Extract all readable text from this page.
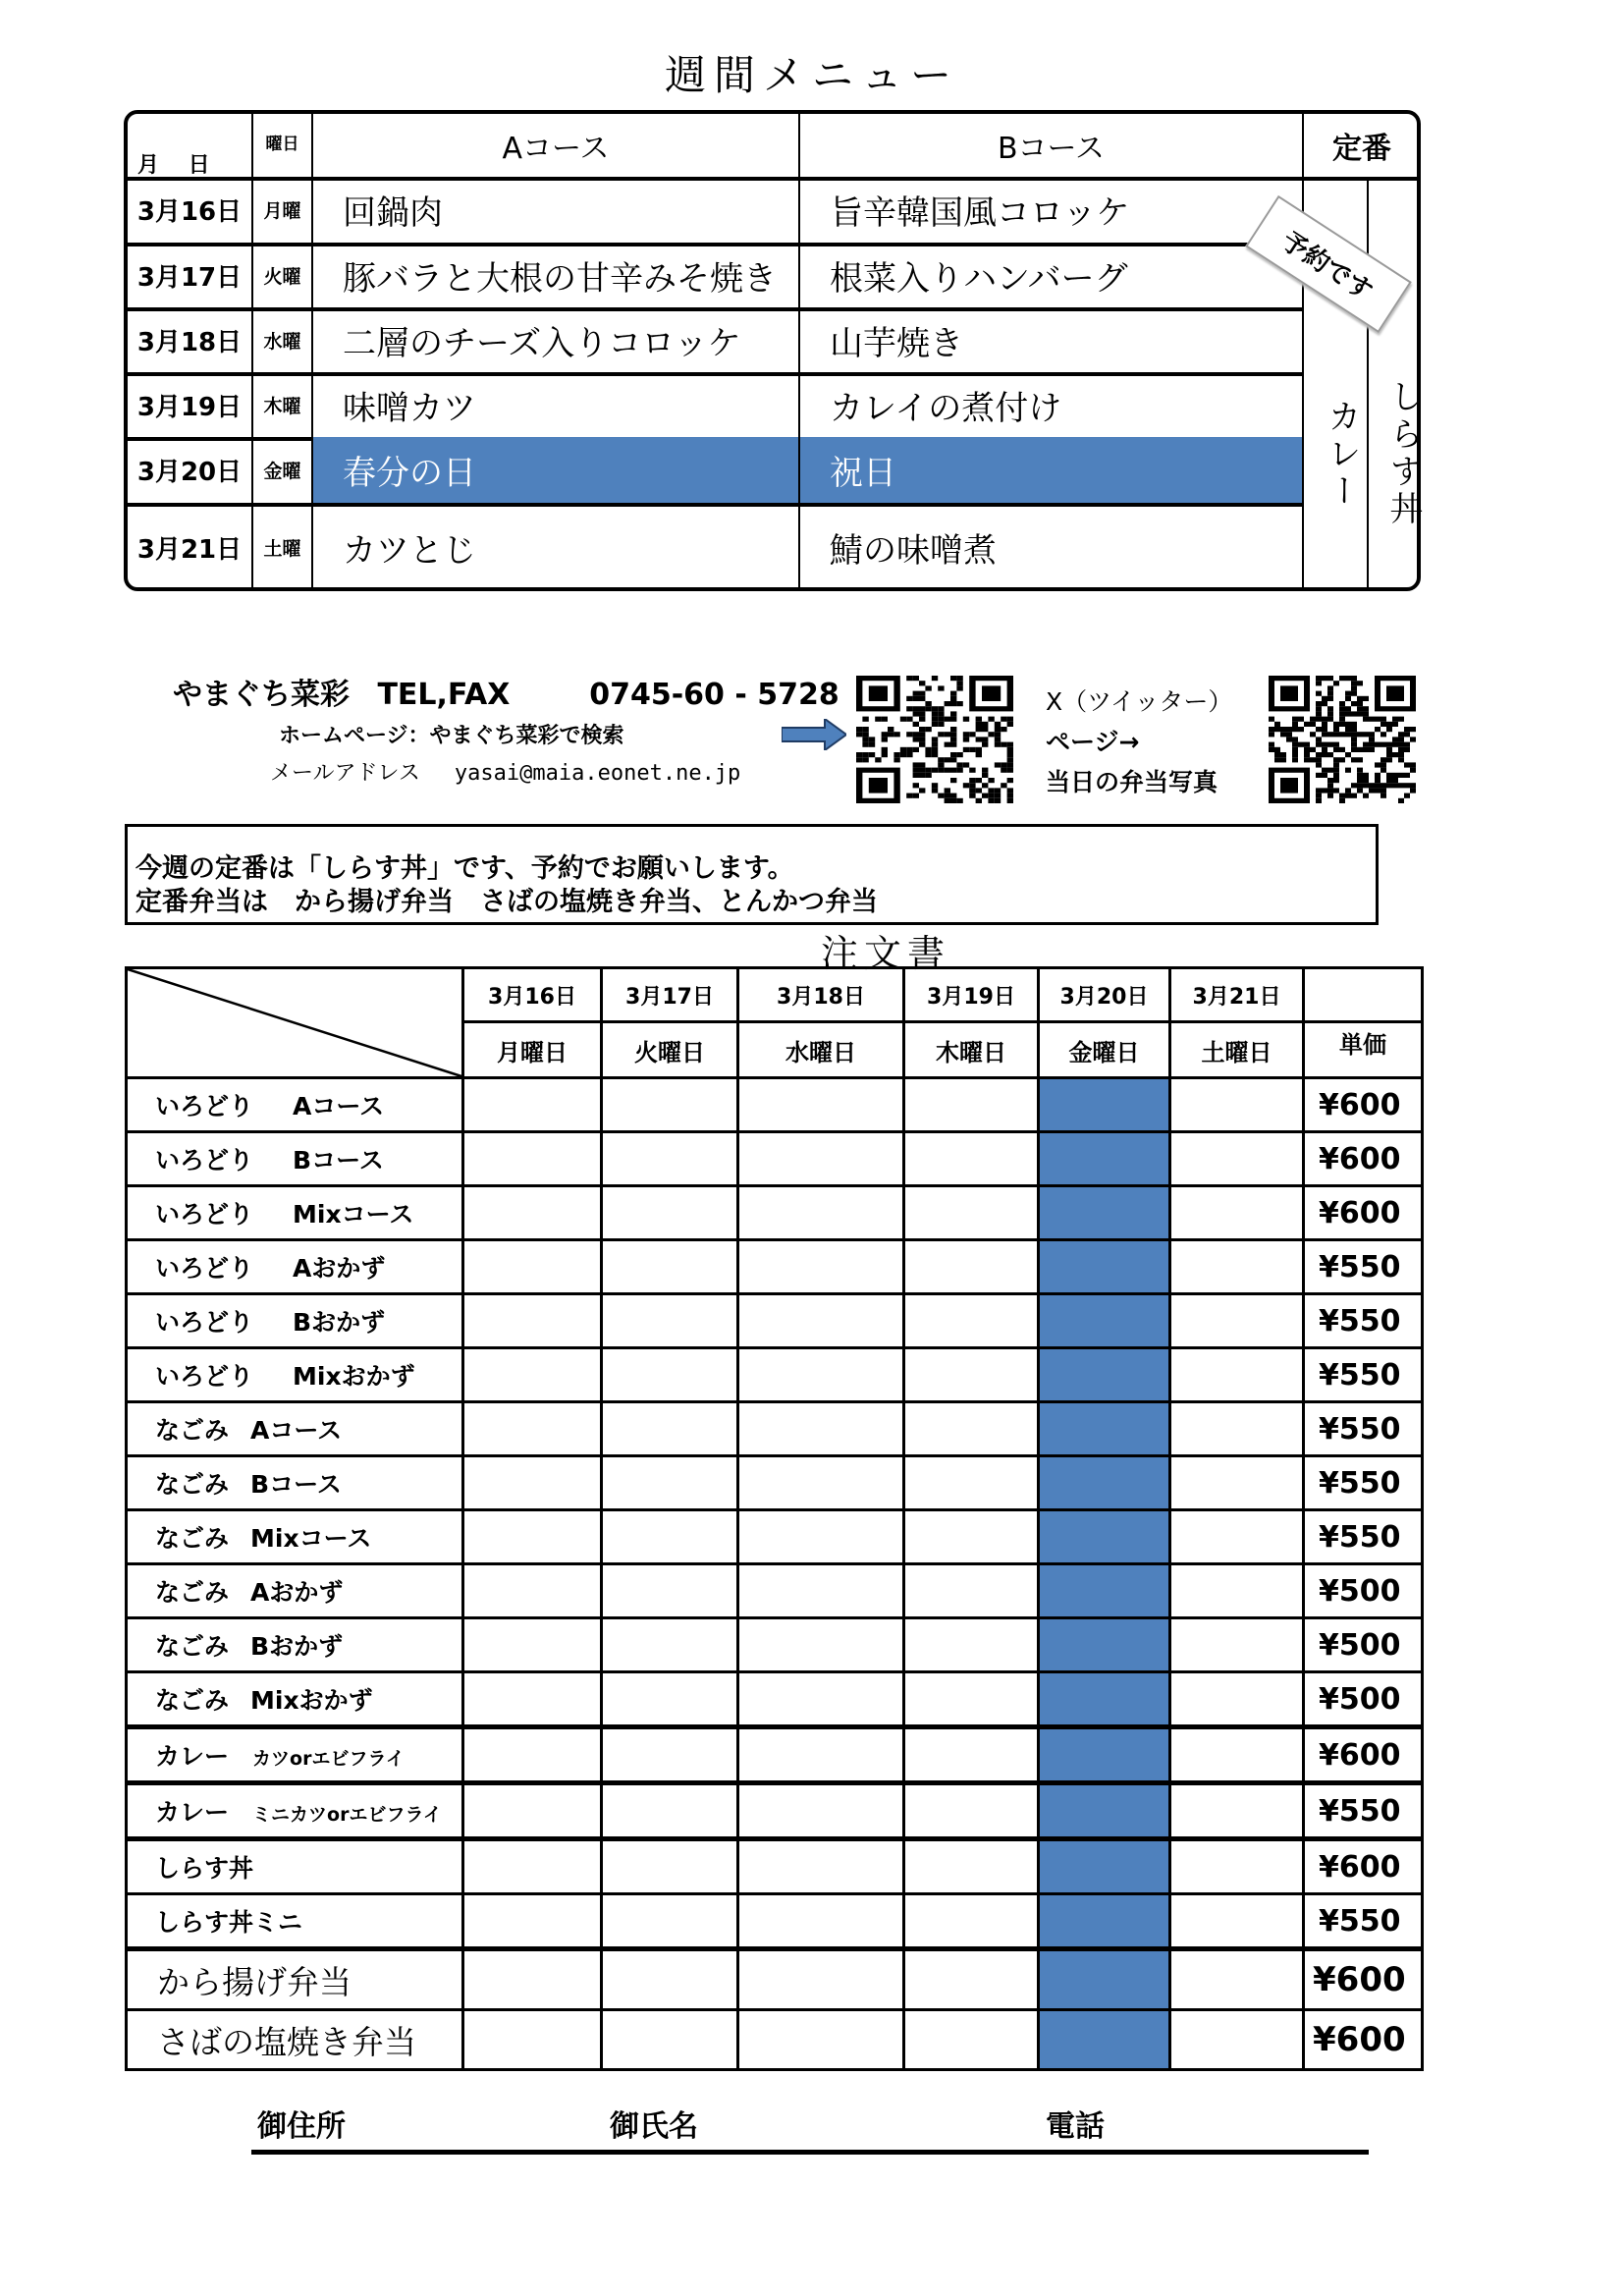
週間メニュー
月　 日
曜日	Aコース	Bコース	定番
3月16日	月曜	回鍋肉	旨辛韓国風コロッケ
3月17日	火曜	豚バラと大根の甘辛みそ焼き	根菜入りハンバーグ
3月18日	水曜	二層のチーズ入りコロッケ	山芋焼き
3月19日	木曜	味噌カツ	カレイの煮付け
3月20日	金曜	春分の日	祝日
3月21日	土曜	カツとじ	鯖の味噌煮
カレー しらす丼
予約です
やまぐち菜彩 TEL,FAX	0745-60 - 5728
ホームページ：やまぐち菜彩で検索
メールアドレス yasai@maia.eonet.ne.jp
X（ツイッター）
ページ→
当日の弁当写真
今週の定番は「しらす丼」です、予約でお願いします。
定番弁当は　から揚げ弁当　さばの塩焼き弁当、とんかつ弁当
注文書
	3月16日	3月17日	3月18日	3月19日	3月20日	3月21日	
	月曜日	火曜日	水曜日	木曜日	金曜日	土曜日	単価
いろどり Aコース							¥600
いろどり Bコース							¥600
いろどり Mixコース							¥600
いろどり Aおかず							¥550
いろどり Bおかず							¥550
いろどり Mixおかず							¥550
なごみ Aコース							¥550
なごみ Bコース							¥550
なごみ Mixコース							¥550
なごみ Aおかず							¥500
なごみ Bおかず							¥500
なごみ Mixおかず							¥500
カレー カツorエビフライ							¥600
カレー ミニカツorエビフライ							¥550
しらす丼							¥600
しらす丼ミニ							¥550
から揚げ弁当							¥600
さばの塩焼き弁当							¥600
御住所	御氏名	電話
